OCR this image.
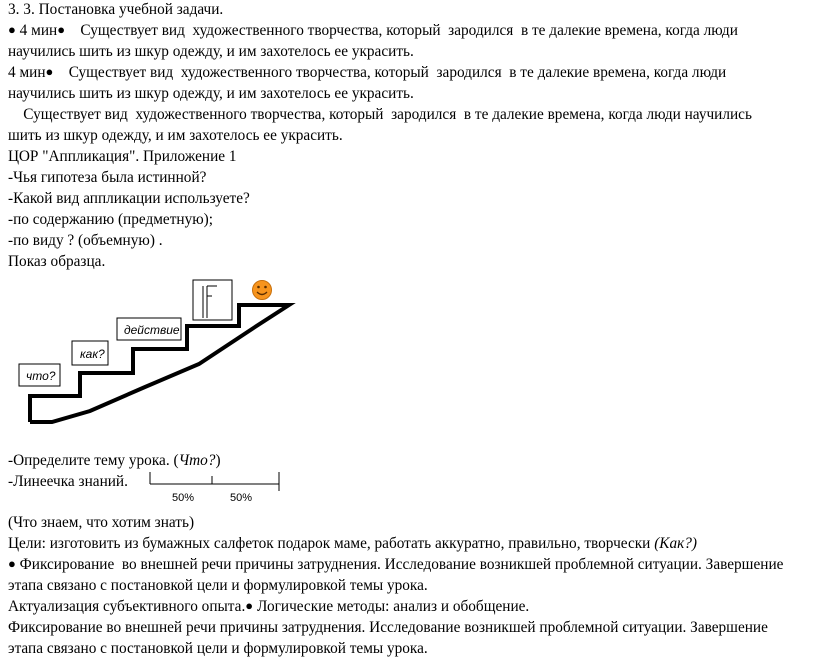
3. 3. Постановка учебной задачи.
● 4 мин●    Существует вид  художественного творчества, который  зародился  в те далекие времена, когда люди
научились шить из шкур одежду, и им захотелось ее украсить.
4 мин●    Существует вид  художественного творчества, который  зародился  в те далекие времена, когда люди
научились шить из шкур одежду, и им захотелось ее украсить.
Существует вид  художественного творчества, который  зародился  в те далекие времена, когда люди научились
шить из шкур одежду, и им захотелось ее украсить.
ЦОР "Аппликация". Приложение 1
-Чья гипотеза была истинной?
-Какой вид аппликации используете?
-по содержанию (предметную);
-по виду ? (объемную) .
Показ образца.
что?
как?
действие
-Определите тему урока. (Что?)
-Линеечка знаний.
50%	50%
(Что знаем, что хотим знать)
Цели: изготовить из бумажных салфеток подарок маме, работать аккуратно, правильно, творчески (Как?)
● Фиксирование  во внешней речи причины затруднения. Исследование возникшей проблемной ситуации. Завершение
этапа связано с постановкой цели и формулировкой темы урока.
Актуализация субъективного опыта.● Логические методы: анализ и обобщение.
Фиксирование во внешней речи причины затруднения. Исследование возникшей проблемной ситуации. Завершение
этапа связано с постановкой цели и формулировкой темы урока.
